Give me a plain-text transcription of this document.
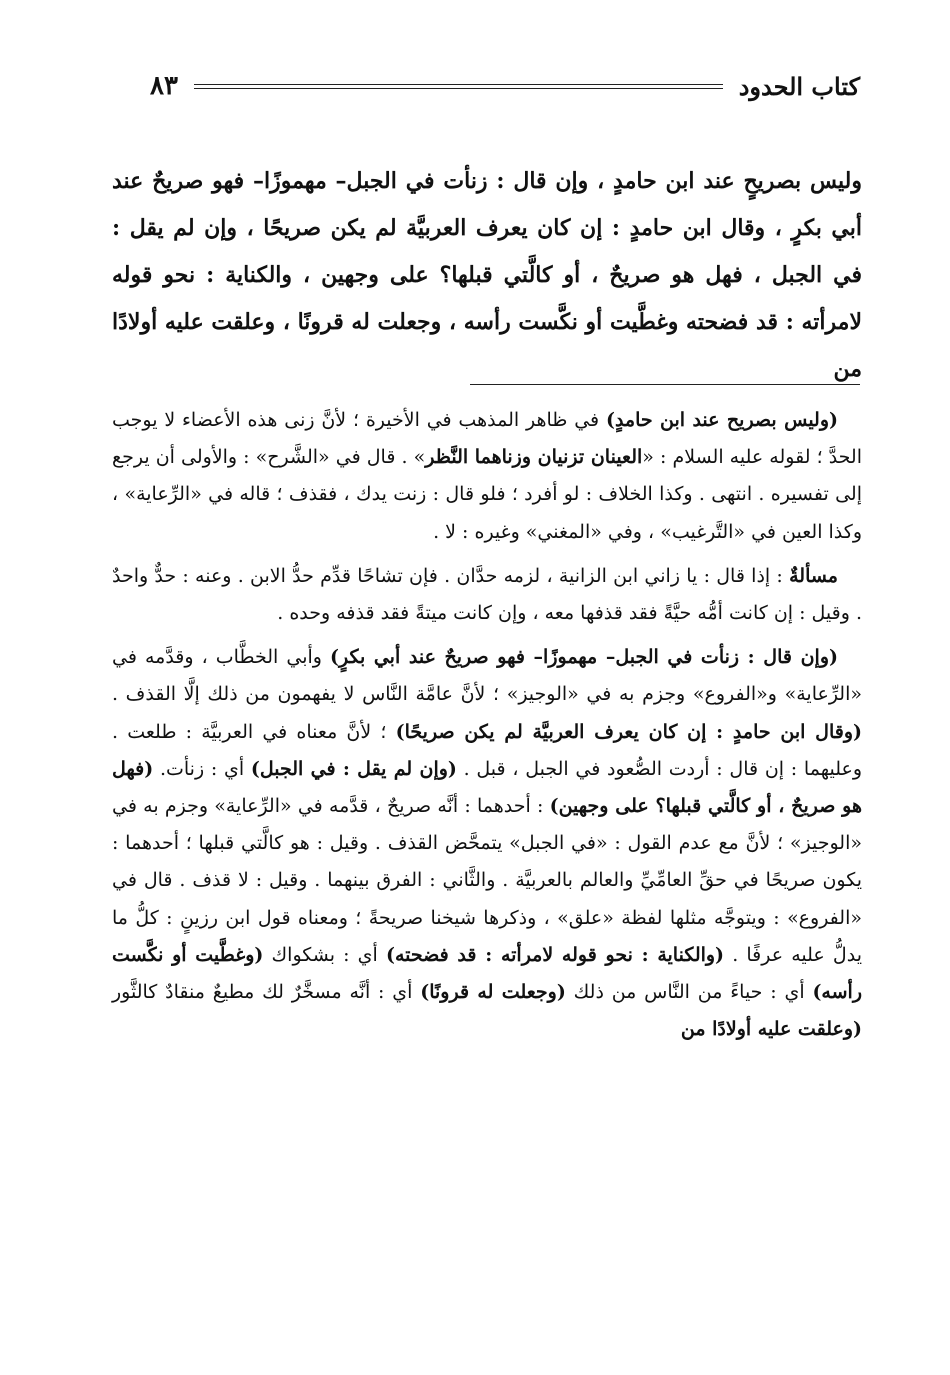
كتاب الحدود
٨٣

وليس بصريحٍ عند ابن حامدٍ ، وإن قال : زنأت في الجبل– مهموزًا– فهو صريحٌ عند أبي بكرٍ ، وقال ابن حامدٍ : إن كان يعرف العربيَّة لم يكن صريحًا ، وإن لم يقل : في الجبل ، فهل هو صريحٌ ، أو كالَّتي قبلها؟ على وجهين ، والكناية : نحو قوله لامرأته : قد فضحته وغطَّيت أو نكَّست رأسه ، وجعلت له قرونًا ، وعلقت عليه أولادًا من

(وليس بصريح عند ابن حامدٍ) في ظاهر المذهب في الأخيرة ؛ لأنَّ زنى هذه الأعضاء لا يوجب الحدَّ ؛ لقوله عليه السلام : «العينان تزنيان وزناهما النَّظر» . قال في «الشَّرح» : والأولى أن يرجع إلى تفسيره . انتهى . وكذا الخلاف : لو أفرد ؛ فلو قال : زنت يدك ، فقذف ؛ قاله في «الرِّعاية» ، وكذا العين في «التَّرغيب» ، وفي «المغني» وغيره : لا .

مسألةٌ : إذا قال : يا زاني ابن الزانية ، لزمه حدَّان . فإن تشاحًا قدِّم حدُّ الابن . وعنه : حدٌّ واحدٌ . وقيل : إن كانت أمُّه حيَّةً فقد قذفها معه ، وإن كانت ميتةً فقد قذفه وحده .

(وإن قال : زنأت في الجبل– مهموزًا– فهو صريحٌ عند أبي بكرٍ) وأبي الخطَّاب ، وقدَّمه في «الرِّعاية» و«الفروع» وجزم به في «الوجيز» ؛ لأنَّ عامَّة النَّاس لا يفهمون من ذلك إلَّا القذف . (وقال ابن حامدٍ : إن كان يعرف العربيَّة لم يكن صريحًا) ؛ لأنَّ معناه في العربيَّة : طلعت . وعليهما : إن قال : أردت الصُّعود في الجبل ، قبل . (وإن لم يقل : في الجبل) أي : زنأت. (فهل هو صريحٌ ، أو كالَّتي قبلها؟ على وجهين) : أحدهما : أنَّه صريحٌ ، قدَّمه في «الرِّعاية» وجزم به في «الوجيز» ؛ لأنَّ مع عدم القول : «في الجبل» يتمحَّض القذف . وقيل : هو كالَّتي قبلها ؛ أحدهما : يكون صريحًا في حقِّ العامِّيِّ والعالم بالعربيَّة . والثَّاني : الفرق بينهما . وقيل : لا قذف . قال في «الفروع» : ويتوجَّه مثلها لفظة «علق» ، وذكرها شيخنا صريحةً ؛ ومعناه قول ابن رزينٍ : كلُّ ما يدلُّ عليه عرفًا . (والكناية : نحو قوله لامرأته : قد فضحته) أي : بشكواك (وغطَّيت أو نكَّست رأسه) أي : حياءً من النَّاس من ذلك (وجعلت له قرونًا) أي : أنَّه مسخَّرٌ لك مطيعٌ منقادٌ كالثَّور (وعلقت عليه أولادًا من
